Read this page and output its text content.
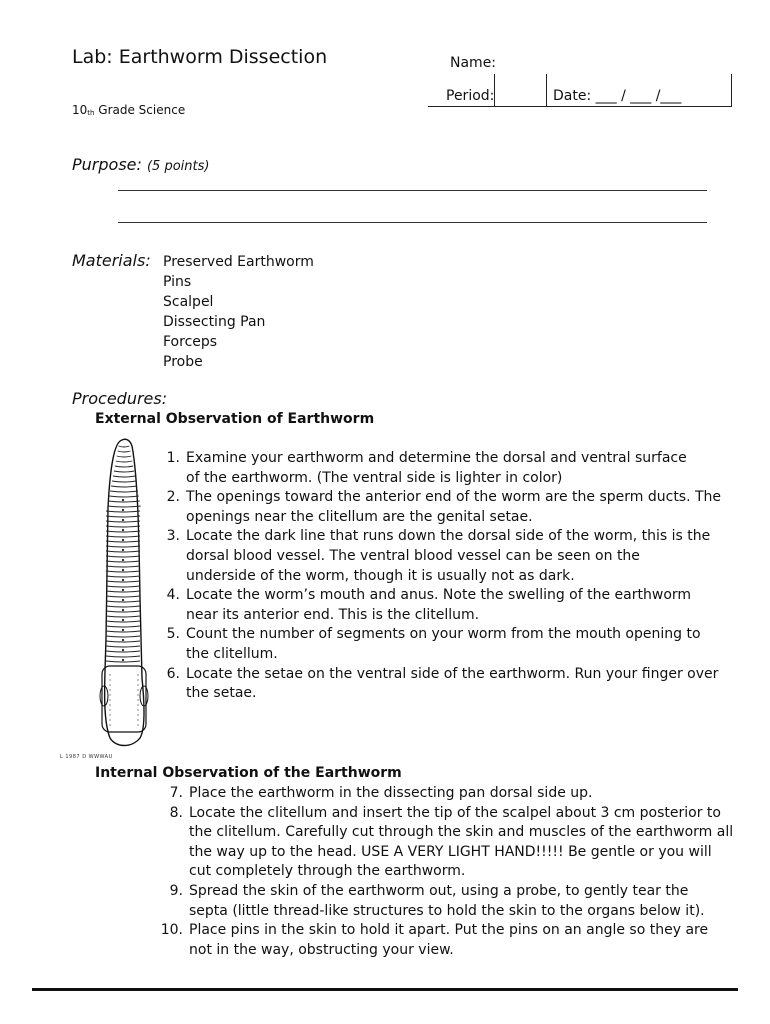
Lab: Earthworm Dissection
$10_{th}$ Grade Science
Name:
Period:	Date: ___ / ___ /___
Purpose: (5 points)
Materials: Preserved Earthworm
Pins
Scalpel
Dissecting Pan
Forceps
Probe
Procedures:
External Observation of Earthworm
L 1987 D WWWAU
1. Examine your earthworm and determine the dorsal and ventral surface
of the earthworm. (The ventral side is lighter in color)
2. The openings toward the anterior end of the worm are the sperm ducts. The
openings near the clitellum are the genital setae.
3. Locate the dark line that runs down the dorsal side of the worm, this is the
dorsal blood vessel. The ventral blood vessel can be seen on the
underside of the worm, though it is usually not as dark.
4. Locate the worm’s mouth and anus. Note the swelling of the earthworm
near its anterior end. This is the clitellum.
5. Count the number of segments on your worm from the mouth opening to
the clitellum.
6. Locate the setae on the ventral side of the earthworm. Run your finger over
the setae.
Internal Observation of the Earthworm
7. Place the earthworm in the dissecting pan dorsal side up.
8. Locate the clitellum and insert the tip of the scalpel about 3 cm posterior to
the clitellum. Carefully cut through the skin and muscles of the earthworm all
the way up to the head. USE A VERY LIGHT HAND!!!!! Be gentle or you will
cut completely through the earthworm.
9. Spread the skin of the earthworm out, using a probe, to gently tear the
septa (little thread-like structures to hold the skin to the organs below it).
10. Place pins in the skin to hold it apart. Put the pins on an angle so they are
not in the way, obstructing your view.
